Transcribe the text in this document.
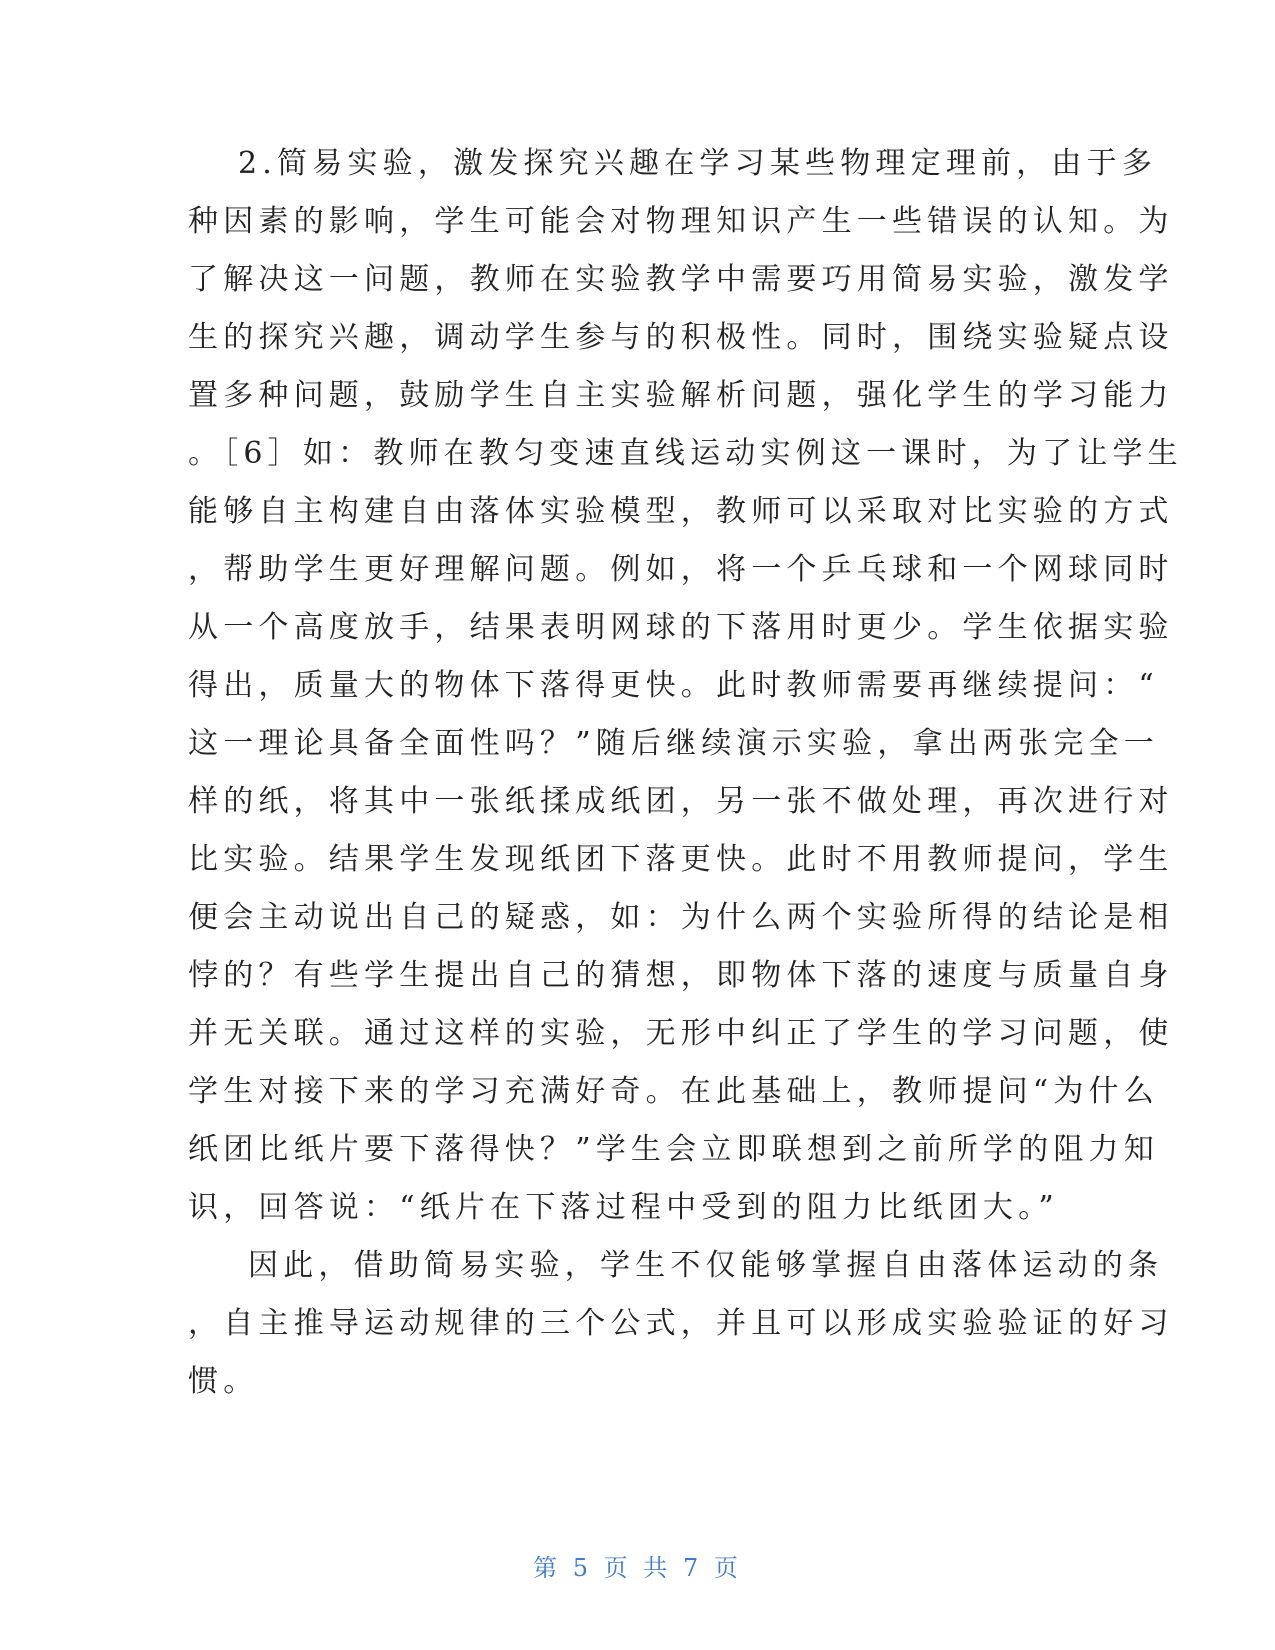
2.简易实验，激发探究兴趣在学习某些物理定理前，由于多
种因素的影响，学生可能会对物理知识产生一些错误的认知。为
了解决这一问题，教师在实验教学中需要巧用简易实验，激发学
生的探究兴趣，调动学生参与的积极性。同时，围绕实验疑点设
置多种问题，鼓励学生自主实验解析问题，强化学生的学习能力
。［6］如：教师在教匀变速直线运动实例这一课时，为了让学生
能够自主构建自由落体实验模型，教师可以采取对比实验的方式
，帮助学生更好理解问题。例如，将一个乒乓球和一个网球同时
从一个高度放手，结果表明网球的下落用时更少。学生依据实验
得出，质量大的物体下落得更快。此时教师需要再继续提问：“
这一理论具备全面性吗？”随后继续演示实验，拿出两张完全一
样的纸，将其中一张纸揉成纸团，另一张不做处理，再次进行对
比实验。结果学生发现纸团下落更快。此时不用教师提问，学生
便会主动说出自己的疑惑，如：为什么两个实验所得的结论是相
悖的？有些学生提出自己的猜想，即物体下落的速度与质量自身
并无关联。通过这样的实验，无形中纠正了学生的学习问题，使
学生对接下来的学习充满好奇。在此基础上，教师提问“为什么
纸团比纸片要下落得快？”学生会立即联想到之前所学的阻力知
识，回答说：“纸片在下落过程中受到的阻力比纸团大。”
因此，借助简易实验，学生不仅能够掌握自由落体运动的条
，自主推导运动规律的三个公式，并且可以形成实验验证的好习
惯。
第 5 页 共 7 页
